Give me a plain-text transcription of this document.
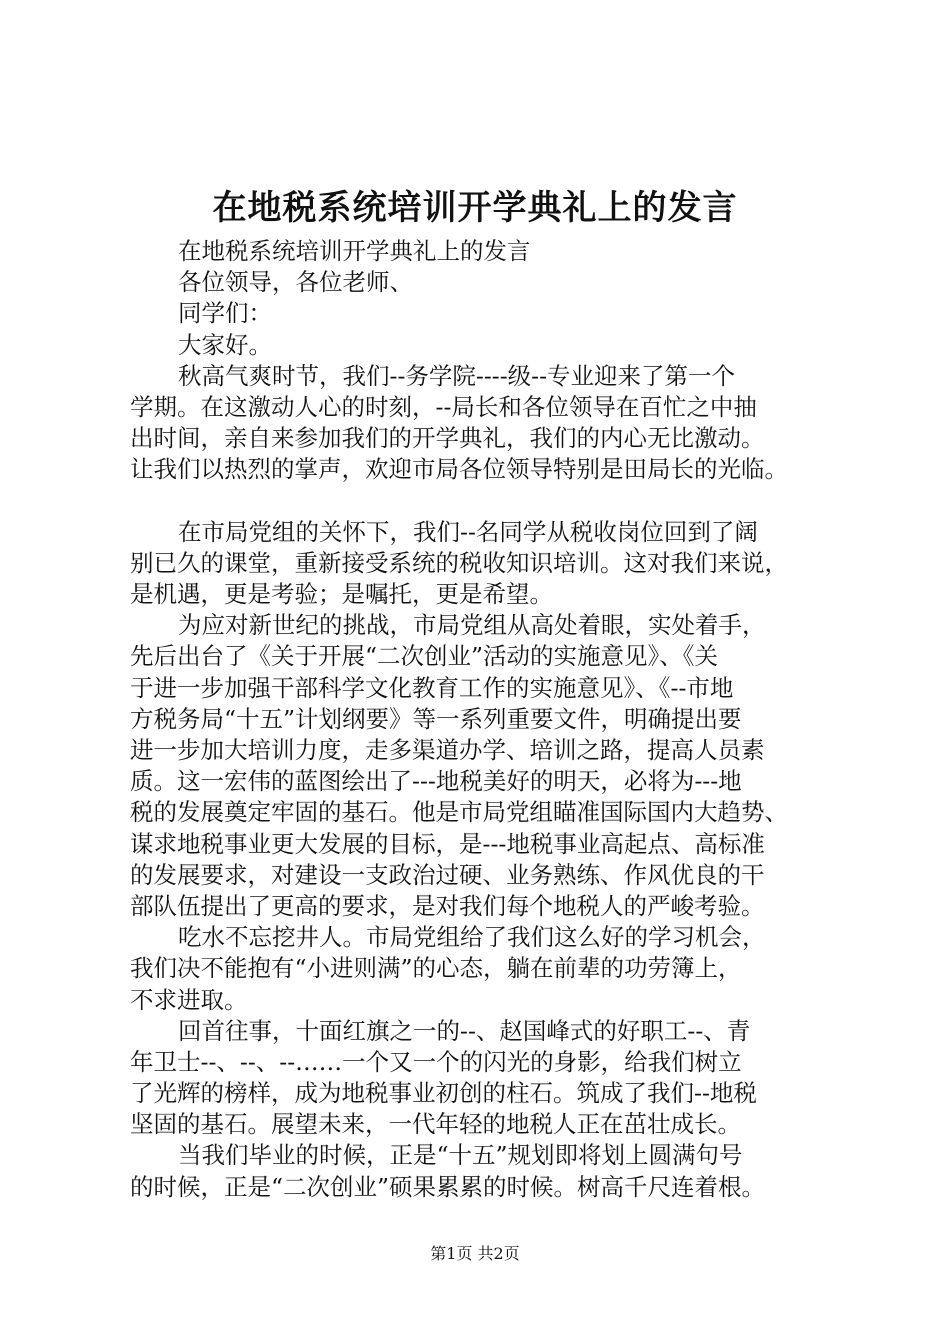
在地税系统培训开学典礼上的发言
在地税系统培训开学典礼上的发言
各位领导，各位老师、
同学们：
大家好。
秋高气爽时节，我们--务学院----级--专业迎来了第一个
学期。在这激动人心的时刻，--局长和各位领导在百忙之中抽
出时间，亲自来参加我们的开学典礼，我们的内心无比激动。
让我们以热烈的掌声，欢迎市局各位领导特别是田局长的光临。
在市局党组的关怀下，我们--名同学从税收岗位回到了阔
别已久的课堂，重新接受系统的税收知识培训。这对我们来说，
是机遇，更是考验；是嘱托，更是希望。
为应对新世纪的挑战，市局党组从高处着眼，实处着手，
先后出台了《关于开展“二次创业”活动的实施意见》、《关
于进一步加强干部科学文化教育工作的实施意见》、《--市地
方税务局“十五”计划纲要》等一系列重要文件，明确提出要
进一步加大培训力度，走多渠道办学、培训之路，提高人员素
质。这一宏伟的蓝图绘出了---地税美好的明天，必将为---地
税的发展奠定牢固的基石。他是市局党组瞄准国际国内大趋势、
谋求地税事业更大发展的目标，是---地税事业高起点、高标准
的发展要求，对建设一支政治过硬、业务熟练、作风优良的干
部队伍提出了更高的要求，是对我们每个地税人的严峻考验。
吃水不忘挖井人。市局党组给了我们这么好的学习机会，
我们决不能抱有“小进则满”的心态，躺在前辈的功劳簿上，
不求进取。
回首往事，十面红旗之一的--、赵国峰式的好职工--、青
年卫士--、--、--……一个又一个的闪光的身影，给我们树立
了光辉的榜样，成为地税事业初创的柱石。筑成了我们--地税
坚固的基石。展望未来，一代年轻的地税人正在茁壮成长。
当我们毕业的时候，正是“十五”规划即将划上圆满句号
的时候，正是“二次创业”硕果累累的时候。树高千尺连着根。
第1页 共2页
